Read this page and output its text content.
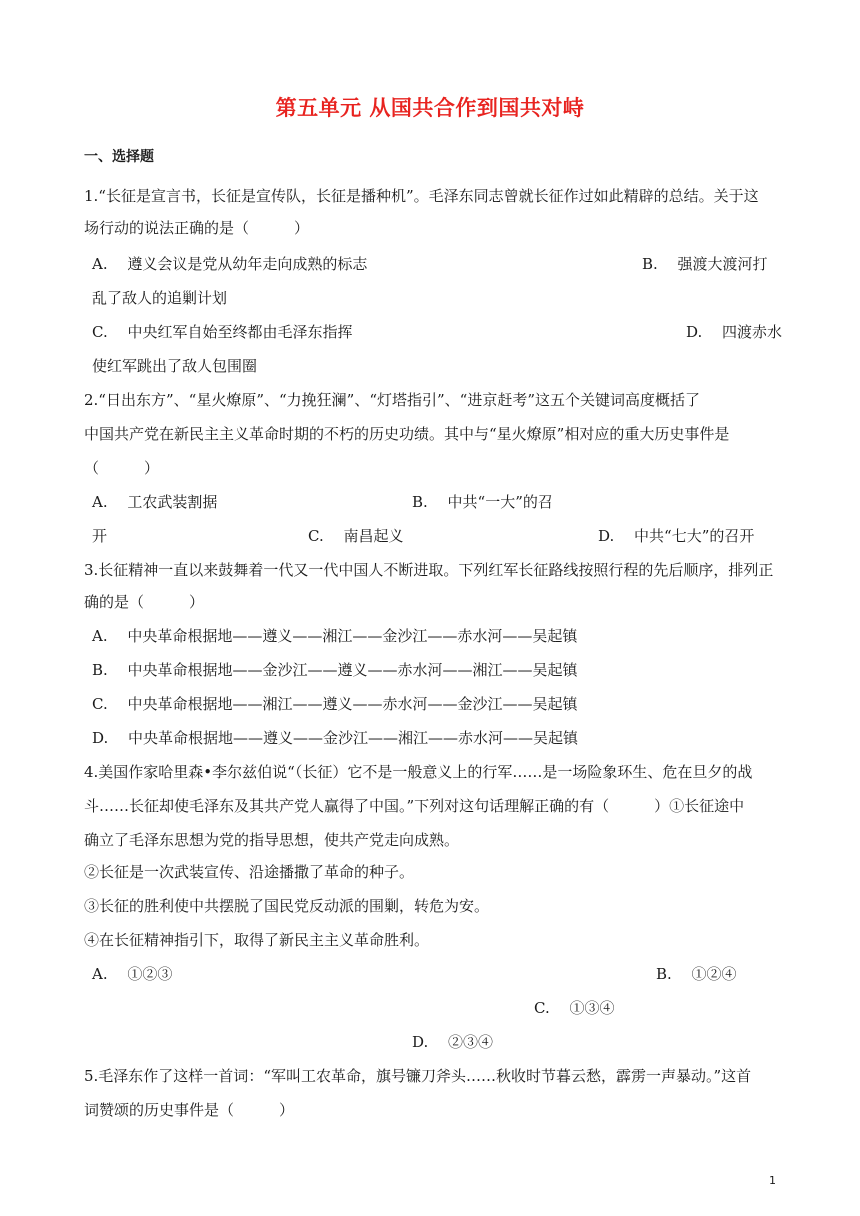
第五单元 从国共合作到国共对峙
一、选择题
1.“长征是宣言书，长征是宣传队，长征是播种机”。毛泽东同志曾就长征作过如此精辟的总结。关于这
场行动的说法正确的是（　　　）
A.　 遵义会议是党从幼年走向成熟的标志	B.　 强渡大渡河打
乱了敌人的追剿计划
C.　 中央红军自始至终都由毛泽东指挥	D.　 四渡赤水
使红军跳出了敌人包围圈
2.“日出东方”、“星火燎原”、“力挽狂澜”、“灯塔指引”、“进京赶考”这五个关键词高度概括了
中国共产党在新民主主义革命时期的不朽的历史功绩。其中与“星火燎原”相对应的重大历史事件是
（　　　）
A.　 工农武装割据	B.　 中共“一大”的召
开	C.　 南昌起义	D.　 中共“七大”的召开
3.长征精神一直以来鼓舞着一代又一代中国人不断进取。下列红军长征路线按照行程的先后顺序，排列正
确的是（　　　）
A.　 中央革命根据地——遵义——湘江——金沙江——赤水河——吴起镇
B.　 中央革命根据地——金沙江——遵义——赤水河——湘江——吴起镇
C.　 中央革命根据地——湘江——遵义——赤水河——金沙江——吴起镇
D.　 中央革命根据地——遵义——金沙江——湘江——赤水河——吴起镇
4.美国作家哈里森•李尔兹伯说“（长征）它不是一般意义上的行军……是一场险象环生、危在旦夕的战
斗……长征却使毛泽东及其共产党人赢得了中国。”下列对这句话理解正确的有（　　　）①长征途中
确立了毛泽东思想为党的指导思想，使共产党走向成熟。
②长征是一次武装宣传、沿途播撒了革命的种子。
③长征的胜利使中共摆脱了国民党反动派的围剿，转危为安。
④在长征精神指引下，取得了新民主主义革命胜利。
A.　 ①②③	B.　 ①②④
C.　 ①③④
D.　 ②③④
5.毛泽东作了这样一首词：“军叫工农革命，旗号镰刀斧头……秋收时节暮云愁，霹雳一声暴动。”这首
词赞颂的历史事件是（　　　）
1
